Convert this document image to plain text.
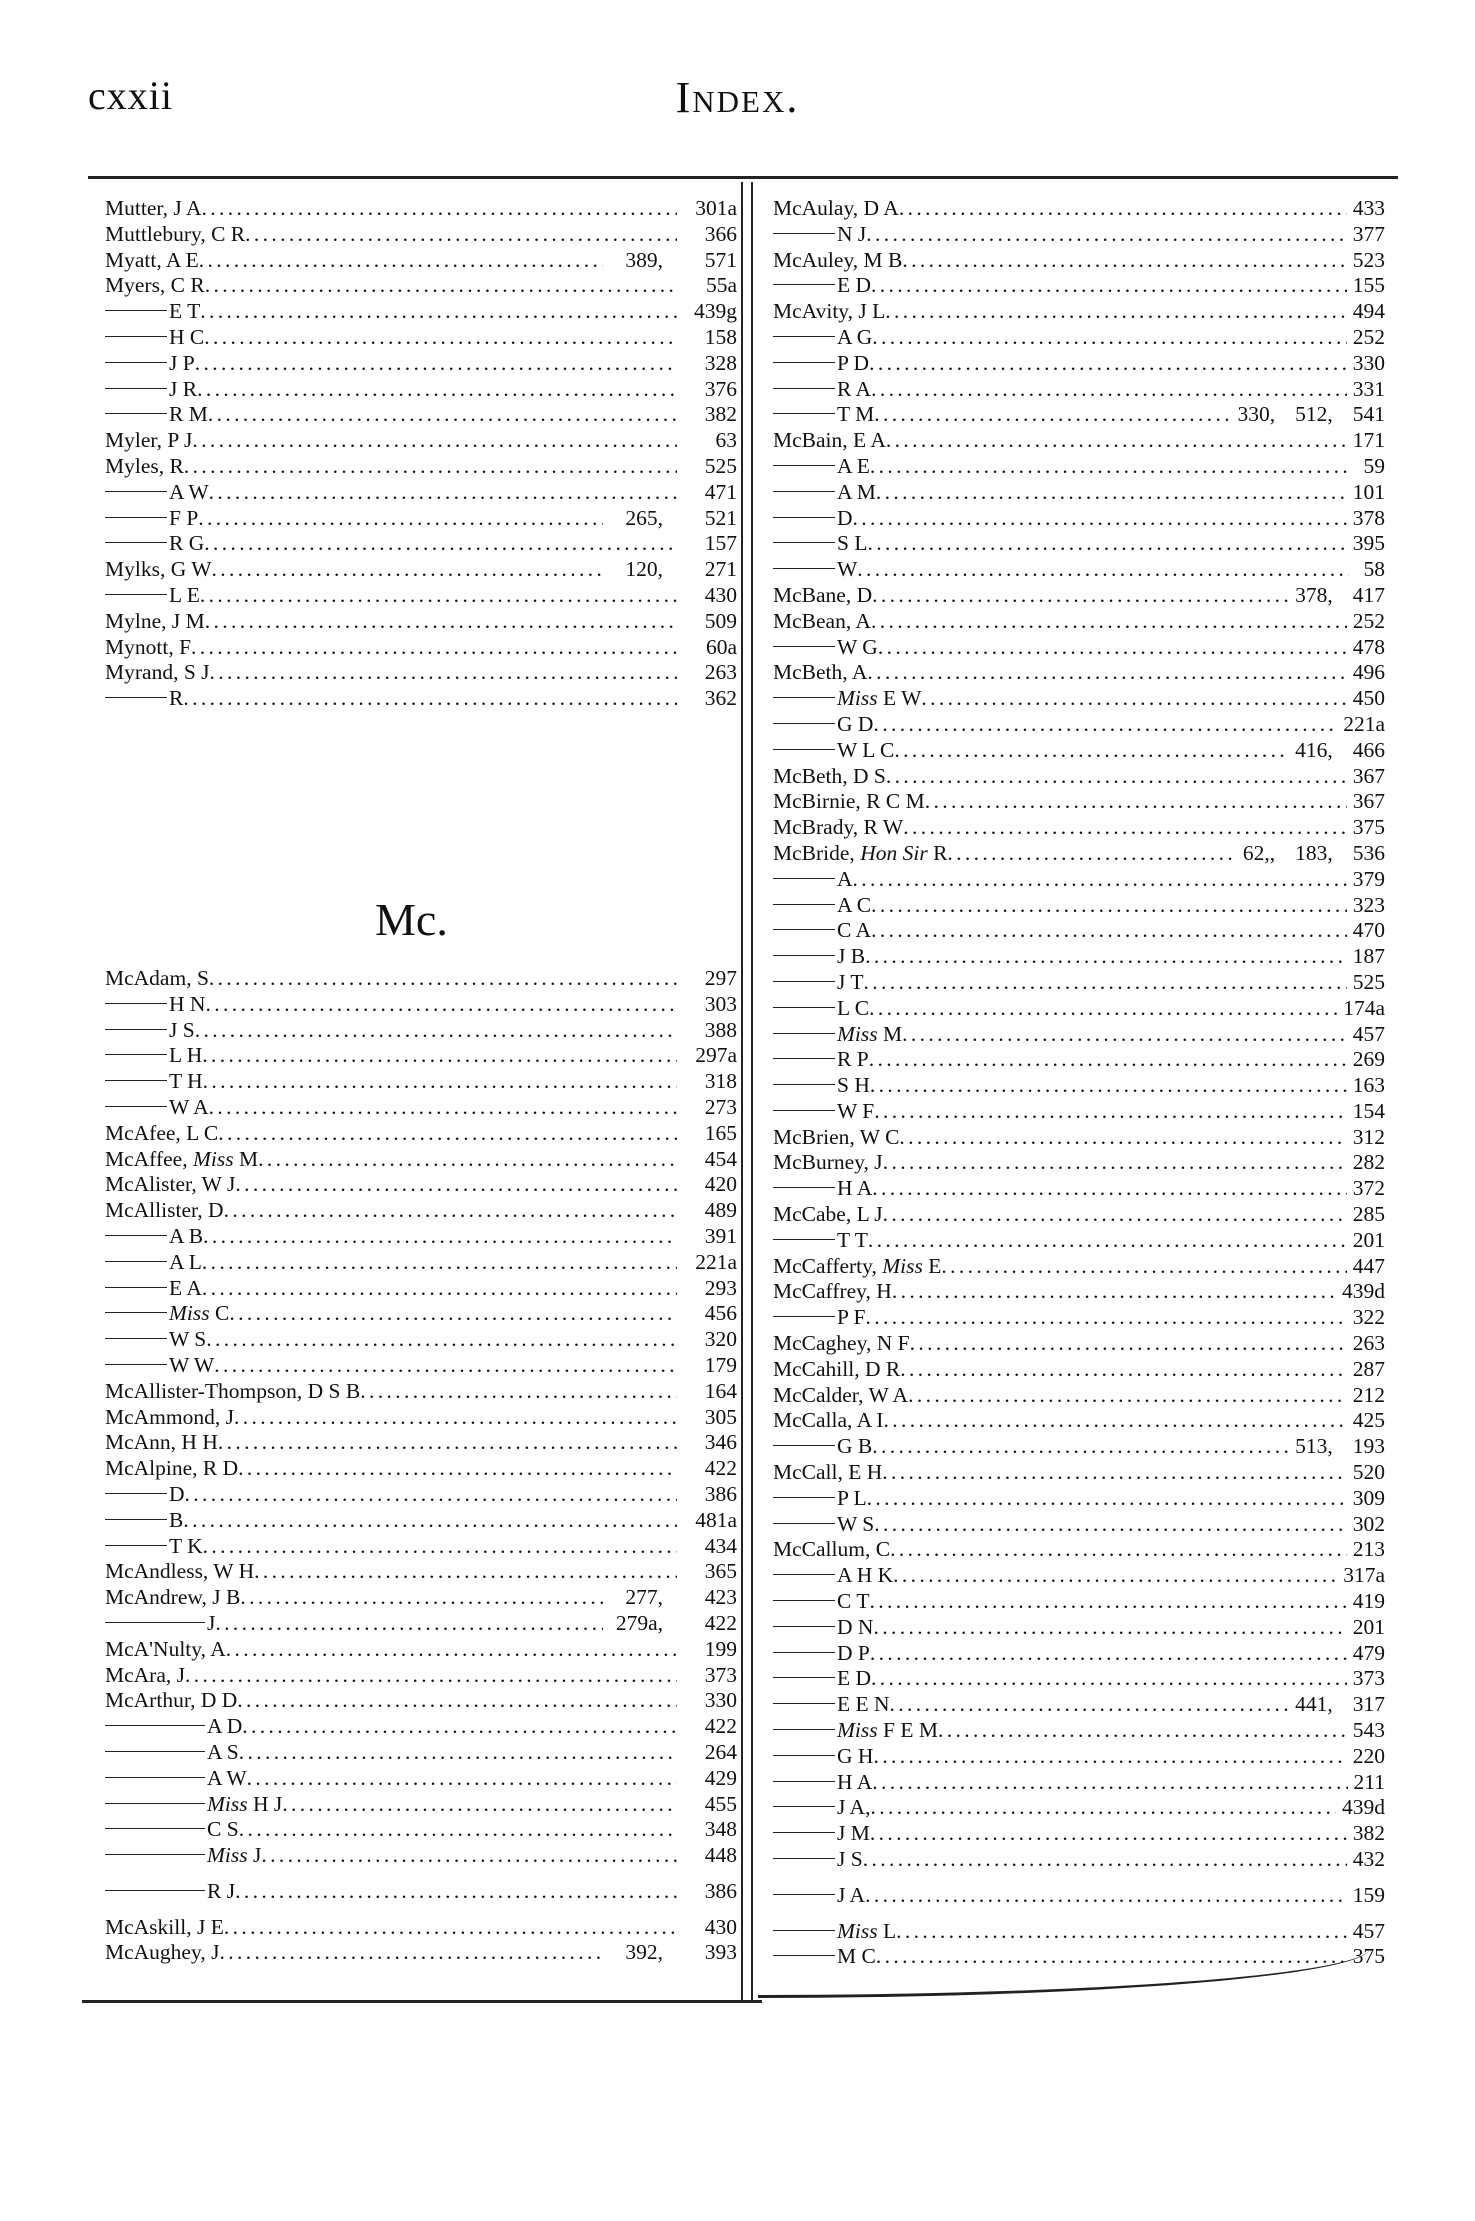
cxxii	Index.
Mutter, J A . . .	301a
Muttlebury, C R . . .	366
Myatt, A E . . .	389,	571
Myers, C R . . .	55a
E T . . .	439g
H C . . .	158
J P . . .	328
J R . . .	376
R M . . .	382
Myler, P J . . .	63
Myles, R . . .	525
A W . . .	471
F P . . .	265,	521
R G . . .	157
Mylks, G W . . .	120,	271
L E . . .	430
Mylne, J M . . .	509
Mynott, F . . .	60a
Myrand, S J . . .	263
R . . .	362
Mc.
McAdam, S . . .	297
H N . . .	303
J S . . .	388
L H . . .	297a
T H . . .	318
W A . . .	273
McAfee, L C . . .	165
McAffee, Miss M . . .	454
McAlister, W J . . .	420
McAllister, D . . .	489
A B . . .	391
A L . . .	221a
E A . . .	293
Miss C . . .	456
W S . . .	320
W W . . .	179
McAllister-Thompson, D S B . . .	164
McAmmond, J . . .	305
McAnn, H H . . .	346
McAlpine, R D . . .	422
D . . .	386
B . . .	481a
T K . . .	434
McAndless, W H . . .	365
McAndrew, J B . . .	277,	423
J . . .	279a,	422
McA'Nulty, A . . .	199
McAra, J . . .	373
McArthur, D D . . .	330
A D . . .	422
A S . . .	264
A W . . .	429
Miss H J . . .	455
C S . . .	348
Miss J . . .	448
R J . . .	386
McAskill, J E . . .	430
McAughey, J . . .	392,	393
McAulay, D A . . .	433
N J . . .	377
McAuley, M B . . .	523
E D . . .	155
McAvity, J L . . .	494
A G . . .	252
P D . . .	330
R A . . .	331
T M . . .	330, 512, 541
McBain, E A . . .	171
A E . . .	59
A M . . .	101
D . . .	378
S L . . .	395
W . . .	58
McBane, D . . .	378, 417
McBean, A . . .	252
W G . . .	478
McBeth, A . . .	496
Miss E W . . .	450
G D . . .	221a
W L C . . .	416, 466
McBeth, D S . . .	367
McBirnie, R C M . . .	367
McBrady, R W . . .	375
McBride, Hon Sir R . . .	62,, 183, 536
A . . .	379
A C . . .	323
C A . . .	470
J B . . .	187
J T . . .	525
L C . . .	174a
Miss M . . .	457
R P . . .	269
S H . . .	163
W F . . .	154
McBrien, W C . . .	312
McBurney, J . . .	282
H A . . .	372
McCabe, L J . . .	285
T T . . .	201
McCafferty, Miss E . . .	447
McCaffrey, H . . .	439d
P F . . .	322
McCaghey, N F . . .	263
McCahill, D R . . .	287
McCalder, W A . . .	212
McCalla, A I . . .	425
G B . . .	513, 193
McCall, E H . . .	520
P L . . .	309
W S . . .	302
McCallum, C . . .	213
A H K . . .	317a
C T . . .	419
D N . . .	201
D P . . .	479
E D . . .	373
E E N . . .	441, 317
Miss F E M . . .	543
G H . . .	220
H A . . .	211
J A, . . .	439d
J M . . .	382
J S . . .	432
J A . . .	159
Miss L . . .	457
M C . . .	375
